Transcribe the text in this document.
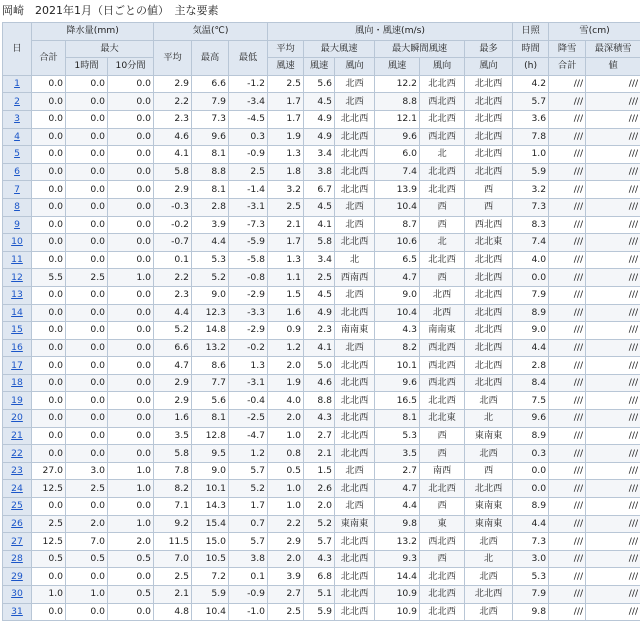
岡崎　2021年1月（日ごとの値）　主な要素
日	降水量(mm)			気温(℃)			風向・風速(m/s)						日照	雪(cm)	
	合計	最大		平均	最高	最低	平均	最大風速		最大瞬間風速		最多	時間	降雪	最深積雪
		1時間	10分間				風速	風速	風向	風速	風向	風向	(h)	合計	値
1	0.0	0.0	0.0	2.9	6.6	-1.2	2.5	5.6	北西	12.2	北北西	北北西	4.2	///	///
2	0.0	0.0	0.0	2.2	7.9	-3.4	1.7	4.5	北西	8.8	西北西	北北西	5.7	///	///
3	0.0	0.0	0.0	2.3	7.3	-4.5	1.7	4.9	北北西	12.1	北北西	北北西	3.6	///	///
4	0.0	0.0	0.0	4.6	9.6	0.3	1.9	4.9	北北西	9.6	西北西	北北西	7.8	///	///
5	0.0	0.0	0.0	4.1	8.1	-0.9	1.3	3.4	北北西	6.0	北	北北西	1.0	///	///
6	0.0	0.0	0.0	5.8	8.8	2.5	1.8	3.8	北北西	7.4	北北西	北北西	5.9	///	///
7	0.0	0.0	0.0	2.9	8.1	-1.4	3.2	6.7	北北西	13.9	北北西	西	3.2	///	///
8	0.0	0.0	0.0	-0.3	2.8	-3.1	2.5	4.5	北西	10.4	西	西	7.3	///	///
9	0.0	0.0	0.0	-0.2	3.9	-7.3	2.1	4.1	北西	8.7	西	西北西	8.3	///	///
10	0.0	0.0	0.0	-0.7	4.4	-5.9	1.7	5.8	北北西	10.6	北	北北東	7.4	///	///
11	0.0	0.0	0.0	0.1	5.3	-5.8	1.3	3.4	北	6.5	北北西	北北西	4.0	///	///
12	5.5	2.5	1.0	2.2	5.2	-0.8	1.1	2.5	西南西	4.7	西	北北西	0.0	///	///
13	0.0	0.0	0.0	2.3	9.0	-2.9	1.5	4.5	北西	9.0	北西	北北西	7.9	///	///
14	0.0	0.0	0.0	4.4	12.3	-3.3	1.6	4.9	北北西	10.4	北西	北北西	8.9	///	///
15	0.0	0.0	0.0	5.2	14.8	-2.9	0.9	2.3	南南東	4.3	南南東	北北西	9.0	///	///
16	0.0	0.0	0.0	6.6	13.2	-0.2	1.2	4.1	北西	8.2	西北西	北北西	4.4	///	///
17	0.0	0.0	0.0	4.7	8.6	1.3	2.0	5.0	北北西	10.1	西北西	北北西	2.8	///	///
18	0.0	0.0	0.0	2.9	7.7	-3.1	1.9	4.6	北北西	9.6	西北西	北北西	8.4	///	///
19	0.0	0.0	0.0	2.9	5.6	-0.4	4.0	8.8	北北西	16.5	北北西	北西	7.5	///	///
20	0.0	0.0	0.0	1.6	8.1	-2.5	2.0	4.3	北北西	8.1	北北東	北	9.6	///	///
21	0.0	0.0	0.0	3.5	12.8	-4.7	1.0	2.7	北北西	5.3	西	東南東	8.9	///	///
22	0.0	0.0	0.0	5.8	9.5	1.2	0.8	2.1	北北西	3.5	西	北西	0.3	///	///
23	27.0	3.0	1.0	7.8	9.0	5.7	0.5	1.5	北西	2.7	南西	西	0.0	///	///
24	12.5	2.5	1.0	8.2	10.1	5.2	1.0	2.6	北北西	4.7	北北西	北北西	0.0	///	///
25	0.0	0.0	0.0	7.1	14.3	1.7	1.0	2.0	北西	4.4	西	東南東	8.9	///	///
26	2.5	2.0	1.0	9.2	15.4	0.7	2.2	5.2	東南東	9.8	東	東南東	4.4	///	///
27	12.5	7.0	2.0	11.5	15.0	5.7	2.9	5.7	北北西	13.2	西北西	北西	7.3	///	///
28	0.5	0.5	0.5	7.0	10.5	3.8	2.0	4.3	北北西	9.3	西	北	3.0	///	///
29	0.0	0.0	0.0	2.5	7.2	0.1	3.9	6.8	北北西	14.4	北北西	北西	5.3	///	///
30	1.0	1.0	0.5	2.1	5.9	-0.9	2.7	5.1	北北西	10.9	北北西	北北西	7.9	///	///
31	0.0	0.0	0.0	4.8	10.4	-1.0	2.5	5.9	北北西	10.9	北北西	北西	9.8	///	///
